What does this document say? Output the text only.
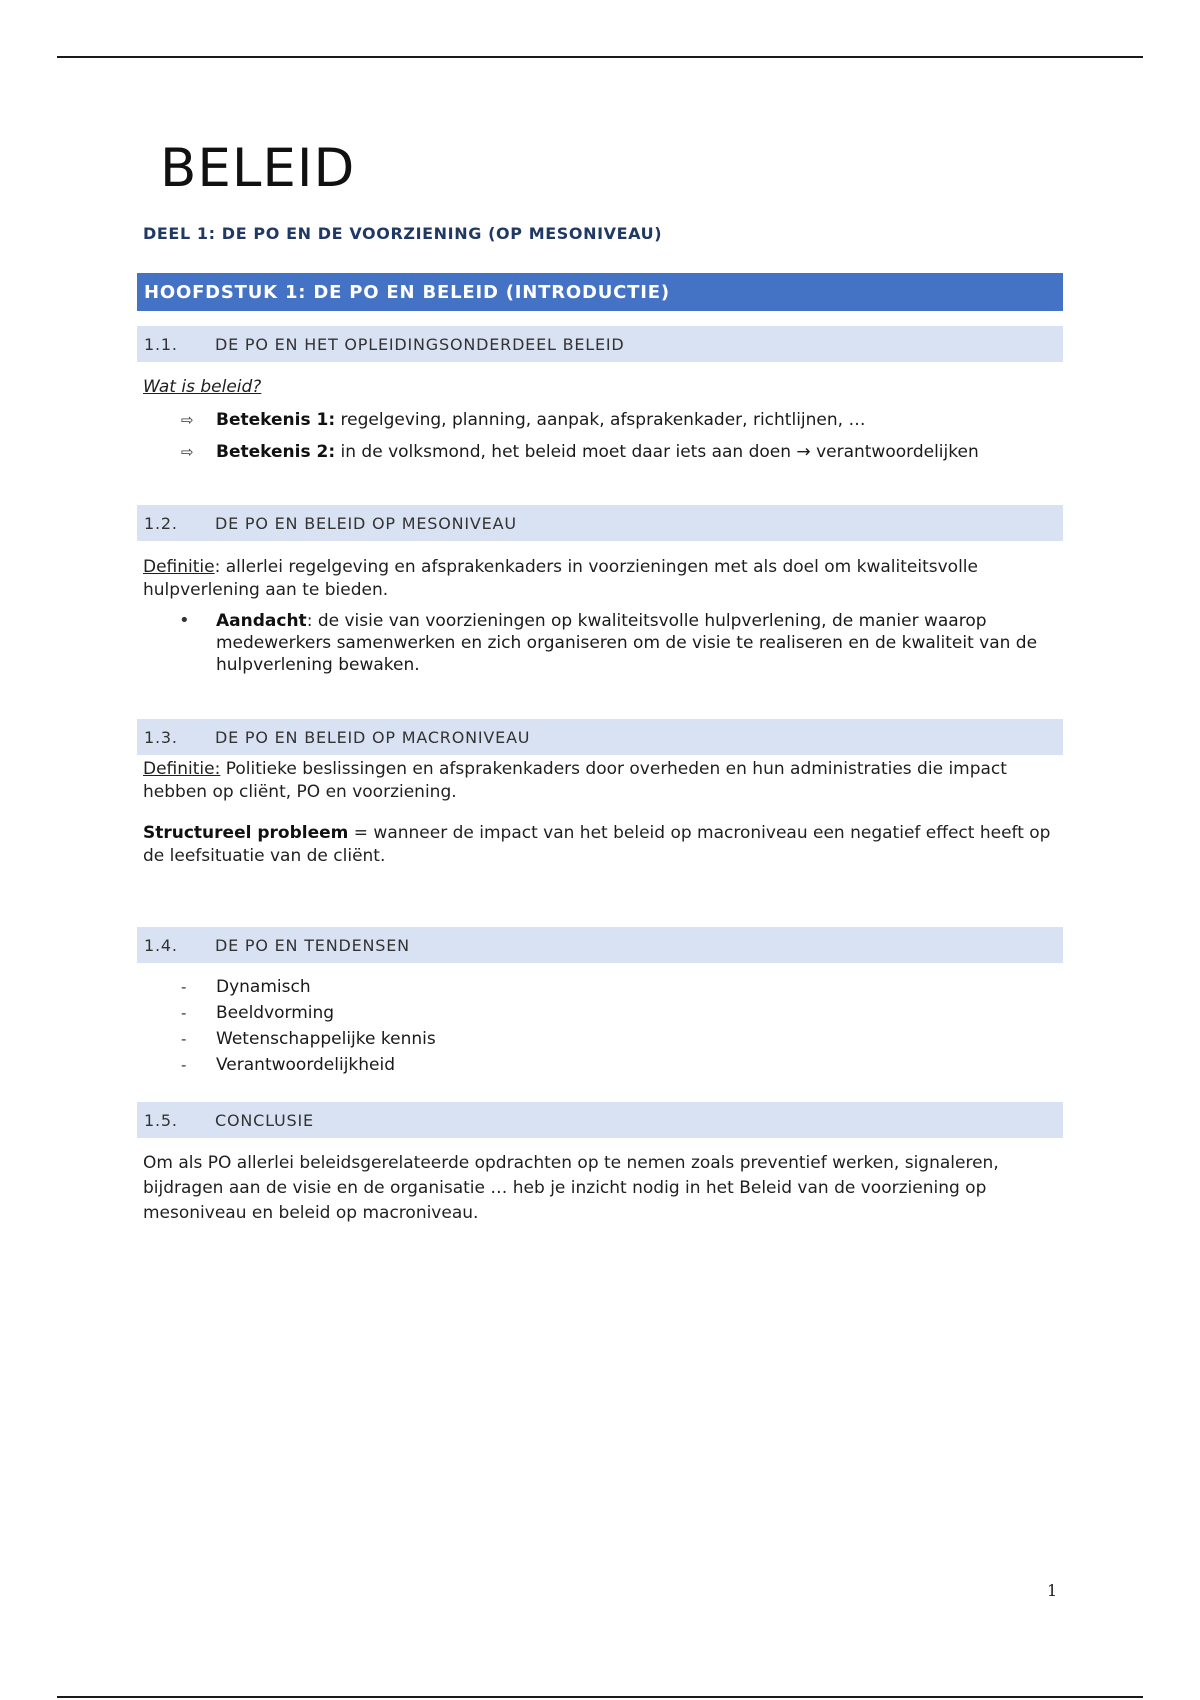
BELEID
DEEL 1: DE PO EN DE VOORZIENING (OP MESONIVEAU)
HOOFDSTUK 1: DE PO EN BELEID (INTRODUCTIE)
1.1.	DE PO EN HET OPLEIDINGSONDERDEEL BELEID

Wat is beleid?

⇨ Betekenis 1: regelgeving, planning, aanpak, afsprakenkader, richtlijnen, …
⇨ Betekenis 2: in de volksmond, het beleid moet daar iets aan doen → verantwoordelijken
1.2.	DE PO EN BELEID OP MESONIVEAU

Definitie: allerlei regelgeving en afsprakenkaders in voorzieningen met als doel om kwaliteitsvolle hulpverlening aan te bieden.

• Aandacht: de visie van voorzieningen op kwaliteitsvolle hulpverlening, de manier waarop medewerkers samenwerken en zich organiseren om de visie te realiseren en de kwaliteit van de hulpverlening bewaken.
1.3.	DE PO EN BELEID OP MACRONIVEAU

Definitie: Politieke beslissingen en afsprakenkaders door overheden en hun administraties die impact hebben op cliënt, PO en voorziening.

Structureel probleem = wanneer de impact van het beleid op macroniveau een negatief effect heeft op de leefsituatie van de cliënt.

1.4.	DE PO EN TENDENSEN
- Dynamisch
- Beeldvorming
- Wetenschappelijke kennis
- Verantwoordelijkheid
1.5.	CONCLUSIE

Om als PO allerlei beleidsgerelateerde opdrachten op te nemen zoals preventief werken, signaleren, bijdragen aan de visie en de organisatie … heb je inzicht nodig in het Beleid van de voorziening op mesoniveau en beleid op macroniveau.

1
